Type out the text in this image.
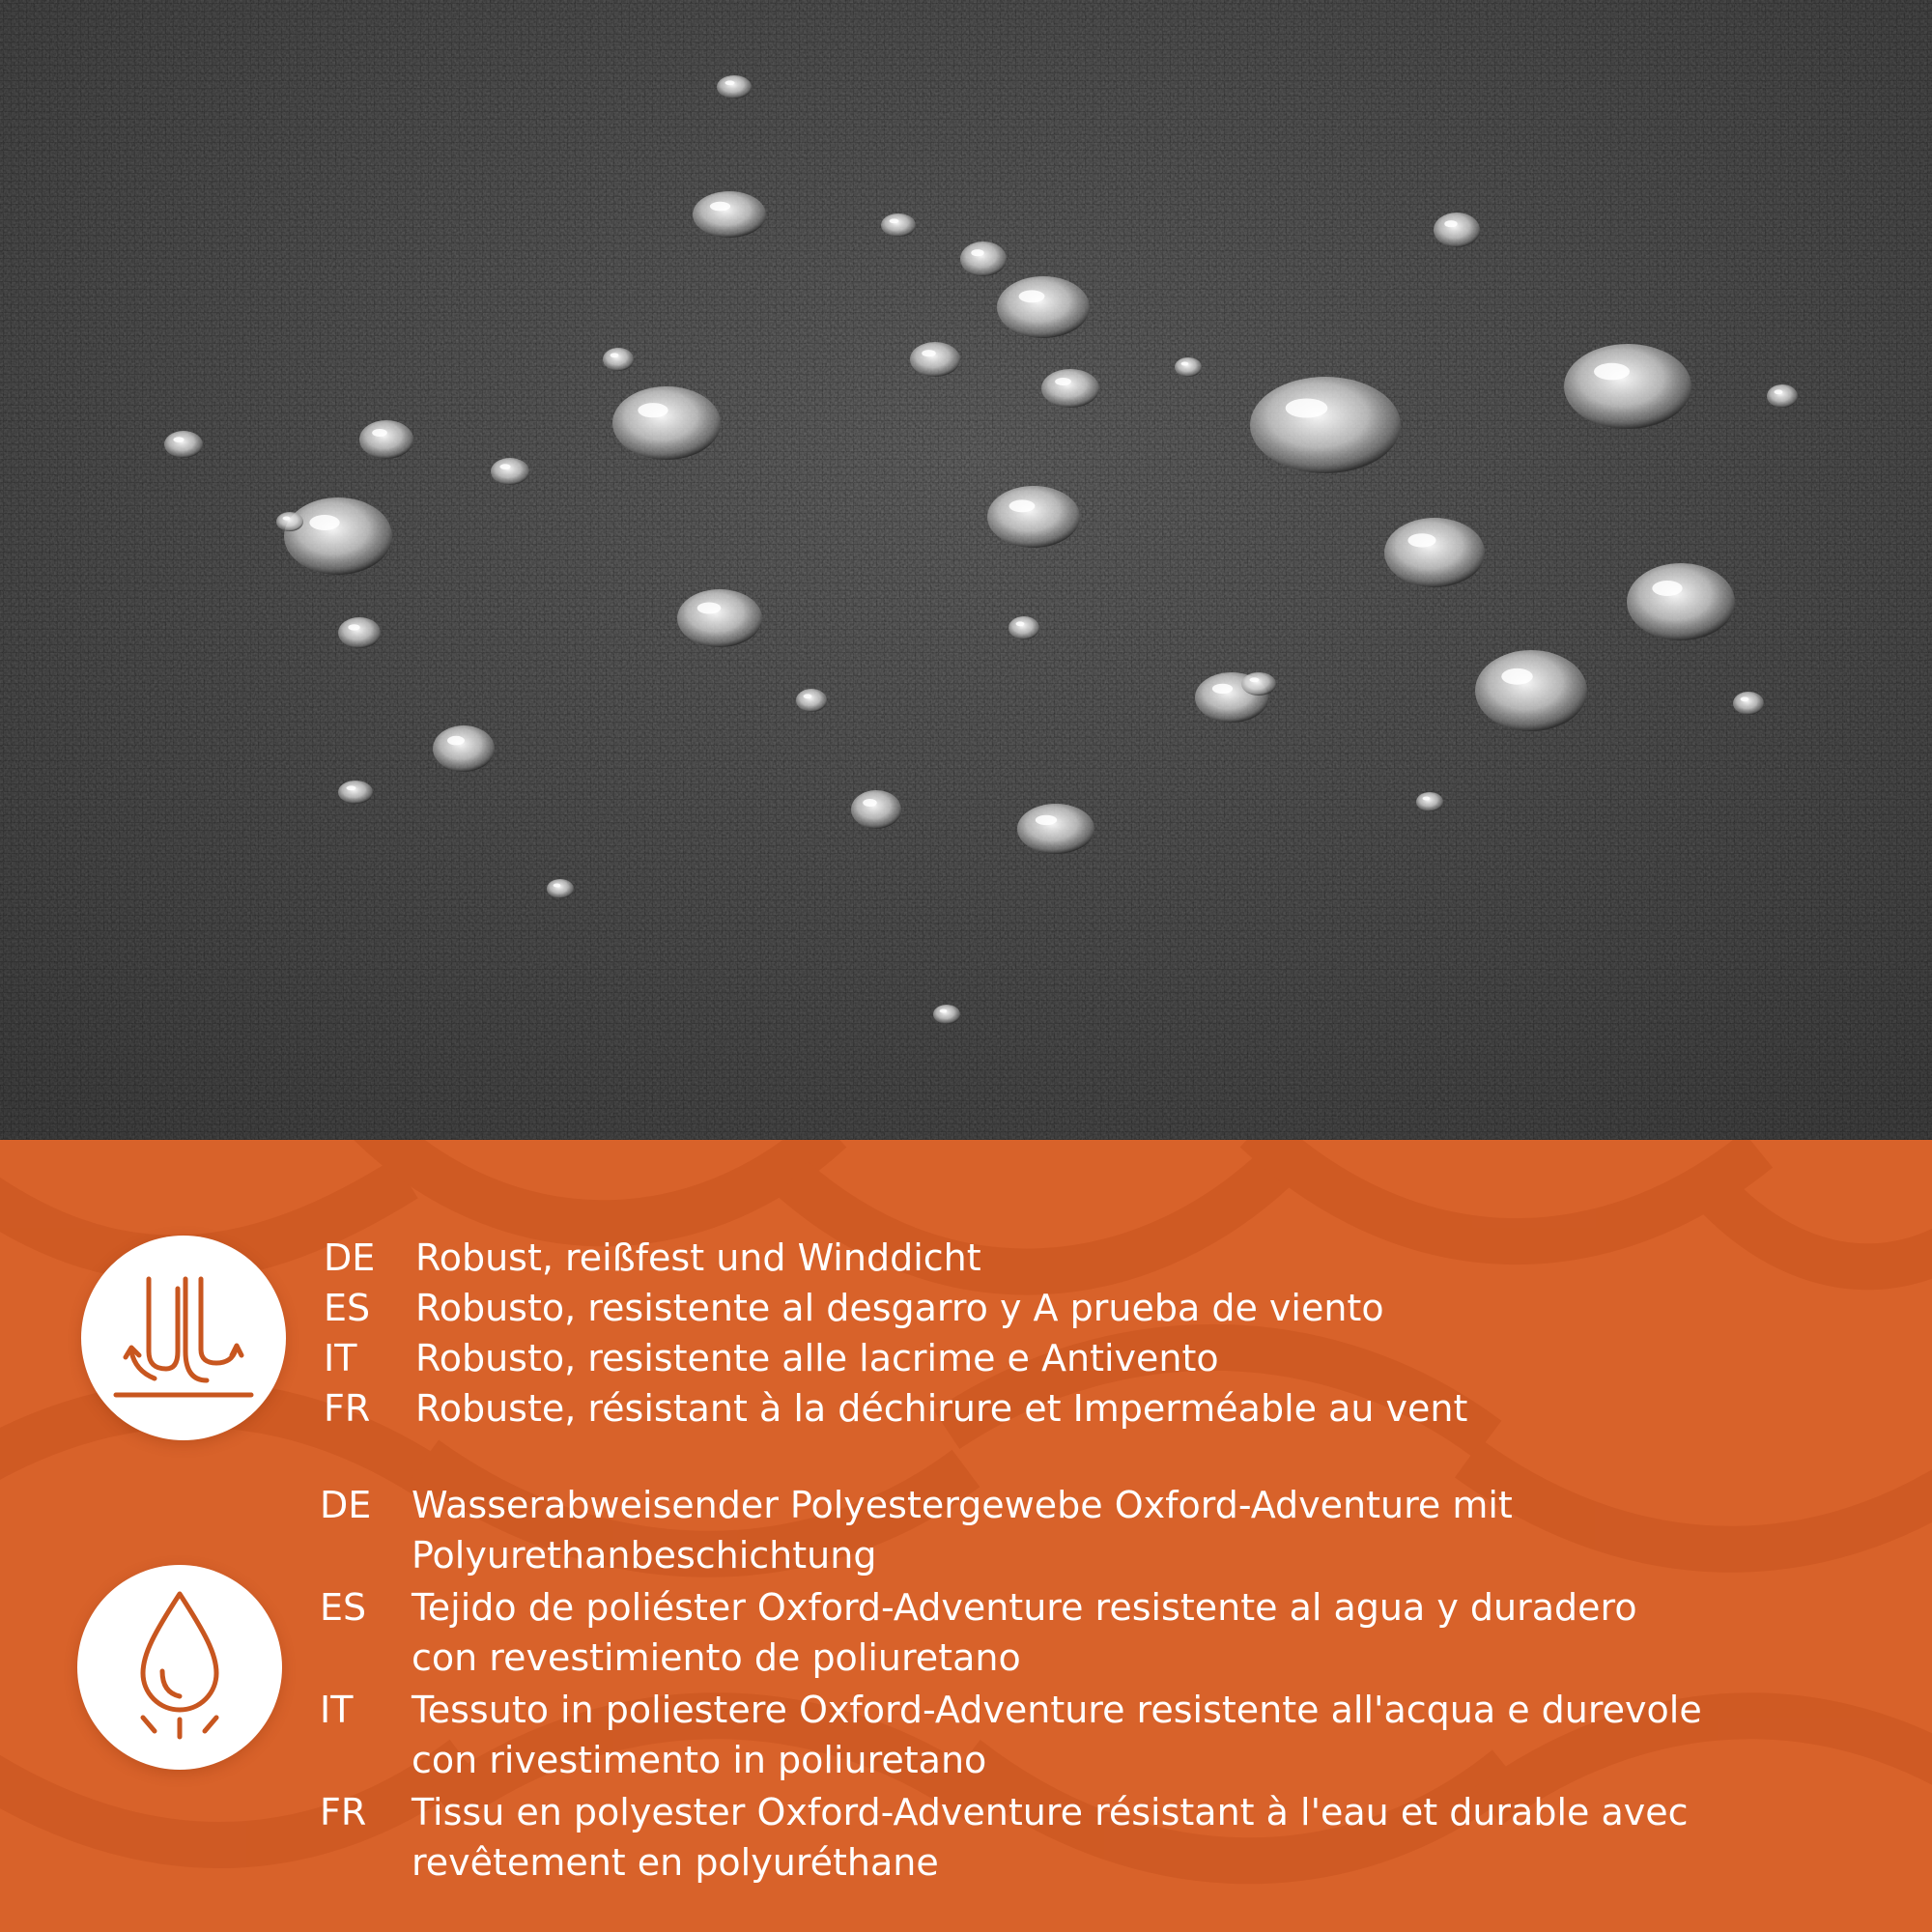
DE Robust, reißfest und Winddicht
ES Robusto, resistente al desgarro y A prueba de viento
IT Robusto, resistente alle lacrime e Antivento
FR Robuste, résistant à la déchirure et Imperméable au vent
DE Wasserabweisender Polyestergewebe Oxford-Adventure mit
Polyurethanbeschichtung
ES Tejido de poliéster Oxford-Adventure resistente al agua y duradero
con revestimiento de poliuretano
IT Tessuto in poliestere Oxford-Adventure resistente all'acqua e durevole
con rivestimento in poliuretano
FR Tissu en polyester Oxford-Adventure résistant à l'eau et durable avec
revêtement en polyuréthane
